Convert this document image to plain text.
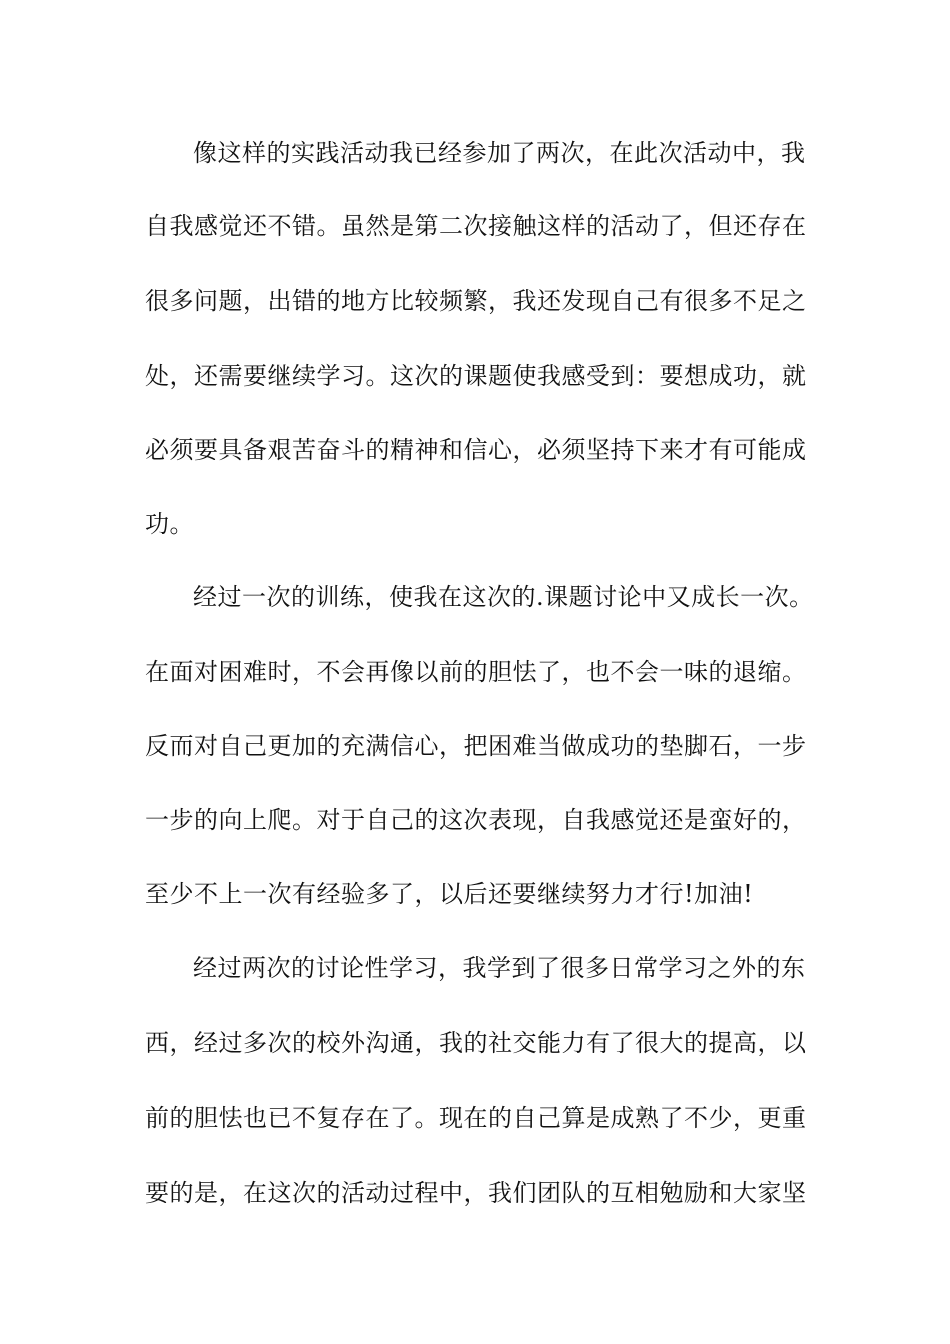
像这样的实践活动我已经参加了两次，在此次活动中，我
自我感觉还不错。虽然是第二次接触这样的活动了，但还存在
很多问题，出错的地方比较频繁，我还发现自己有很多不足之
处，还需要继续学习。这次的课题使我感受到：要想成功，就
必须要具备艰苦奋斗的精神和信心，必须坚持下来才有可能成
功。
经过一次的训练，使我在这次的.课题讨论中又成长一次。
在面对困难时，不会再像以前的胆怯了，也不会一味的退缩。
反而对自己更加的充满信心，把困难当做成功的垫脚石，一步
一步的向上爬。对于自己的这次表现，自我感觉还是蛮好的，
至少不上一次有经验多了，以后还要继续努力才行!加油!
经过两次的讨论性学习，我学到了很多日常学习之外的东
西，经过多次的校外沟通，我的社交能力有了很大的提高，以
前的胆怯也已不复存在了。现在的自己算是成熟了不少，更重
要的是，在这次的活动过程中，我们团队的互相勉励和大家坚
